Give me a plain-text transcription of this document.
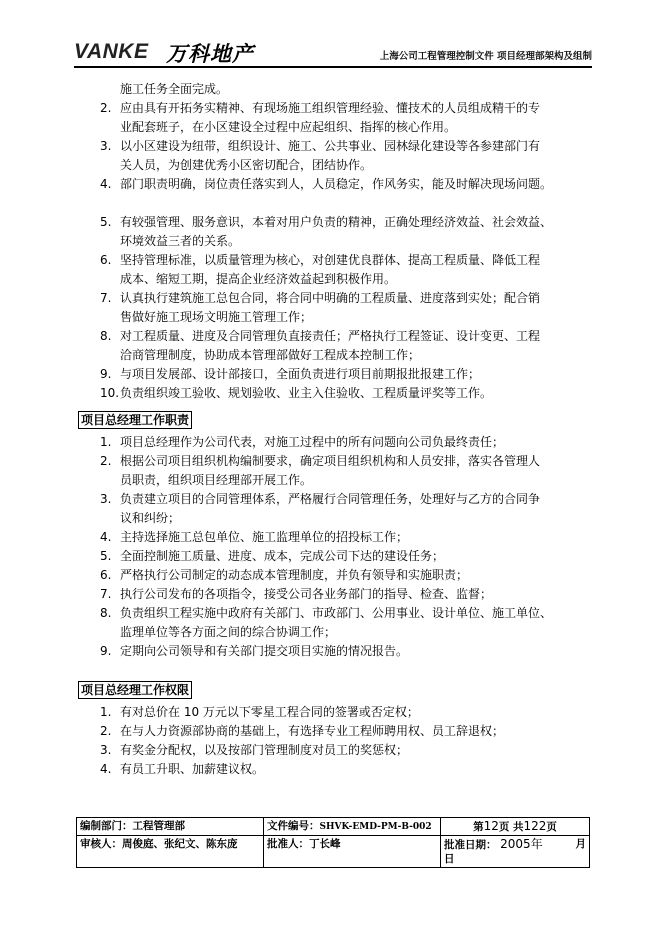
VANKE 万科地产	上海公司工程管理控制文件 项目经理部架构及组制

施工任务全面完成。

2. 应由具有开拓务实精神、有现场施工组织管理经验、懂技术的人员组成精干的专
业配套班子，在小区建设全过程中应起组织、指挥的核心作用。
3. 以小区建设为纽带，组织设计、施工、公共事业、园林绿化建设等各参建部门有
关人员，为创建优秀小区密切配合，团结协作。
4. 部门职责明确，岗位责任落实到人，人员稳定，作风务实，能及时解决现场问题。
5. 有较强管理、服务意识，本着对用户负责的精神，正确处理经济效益、社会效益、
环境效益三者的关系。
6. 坚持管理标准，以质量管理为核心，对创建优良群体、提高工程质量、降低工程
成本、缩短工期，提高企业经济效益起到积极作用。
7. 认真执行建筑施工总包合同，将合同中明确的工程质量、进度落到实处；配合销
售做好施工现场文明施工管理工作；
8. 对工程质量、进度及合同管理负直接责任；严格执行工程签证、设计变更、工程
洽商管理制度，协助成本管理部做好工程成本控制工作；
9. 与项目发展部、设计部接口，全面负责进行项目前期报批报建工作；
10. 负责组织竣工验收、规划验收、业主入住验收、工程质量评奖等工作。
项目总经理工作职责
1. 项目总经理作为公司代表，对施工过程中的所有问题向公司负最终责任；
2. 根据公司项目组织机构编制要求，确定项目组织机构和人员安排，落实各管理人
员职责，组织项目经理部开展工作。
3. 负责建立项目的合同管理体系，严格履行合同管理任务，处理好与乙方的合同争
议和纠纷；
4. 主持选择施工总包单位、施工监理单位的招投标工作；
5. 全面控制施工质量、进度、成本，完成公司下达的建设任务；
6. 严格执行公司制定的动态成本管理制度，并负有领导和实施职责；
7. 执行公司发布的各项指令，接受公司各业务部门的指导、检查、监督；
8. 负责组织工程实施中政府有关部门、市政部门、公用事业、设计单位、施工单位、
监理单位等各方面之间的综合协调工作；
9. 定期向公司领导和有关部门提交项目实施的情况报告。
项目总经理工作权限
1. 有对总价在 10 万元以下零星工程合同的签署或否定权；
2. 在与人力资源部协商的基础上，有选择专业工程师聘用权、员工辞退权；
3. 有奖金分配权，以及按部门管理制度对员工的奖惩权；
4. 有员工升职、加薪建议权。
编制部门：工程管理部	文件编号：SHVK-EMD-PM-B-002	第12页 共122页
审核人：周俊庭、张纪文、陈东庞	批准人：丁长峰	批准日期： 2005年 月

日
